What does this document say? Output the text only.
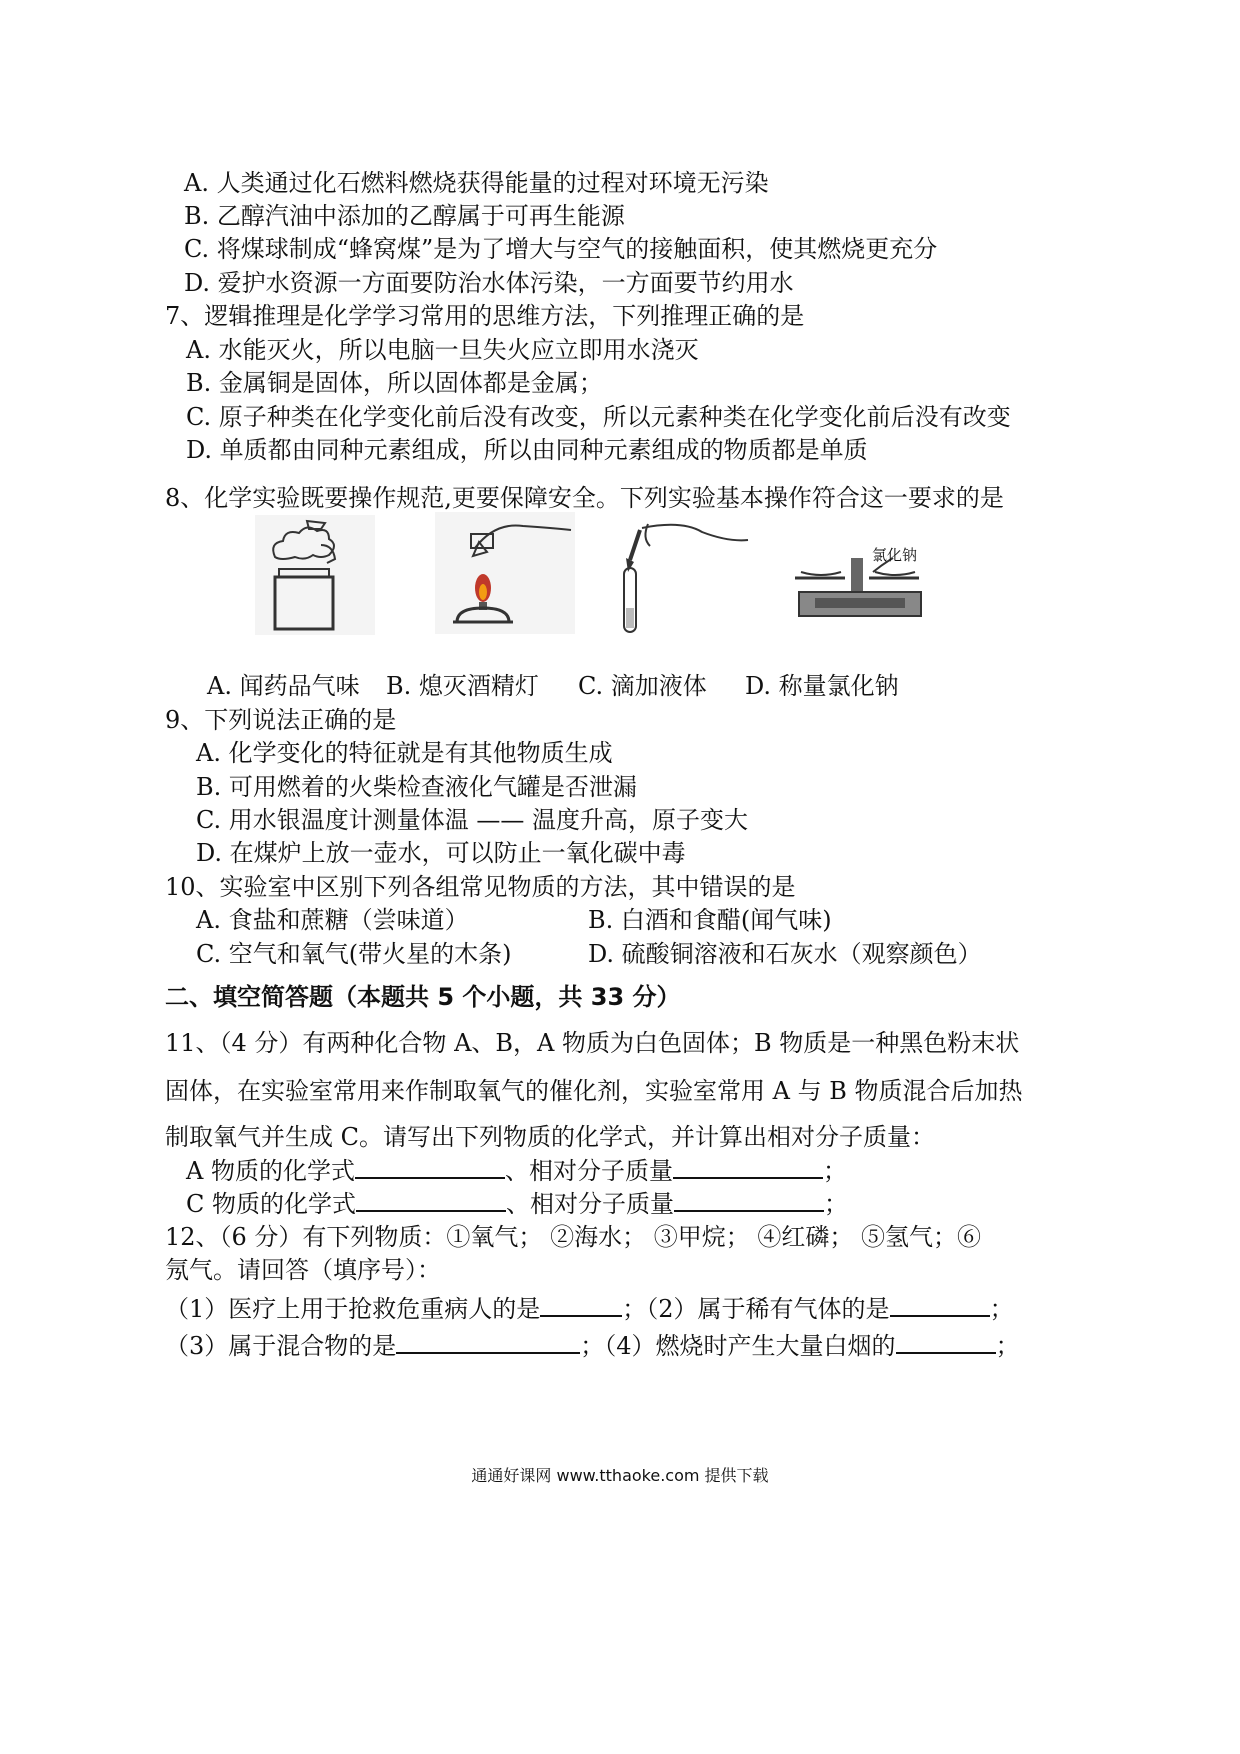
A. 人类通过化石燃料燃烧获得能量的过程对环境无污染
B. 乙醇汽油中添加的乙醇属于可再生能源
C. 将煤球制成“蜂窝煤”是为了增大与空气的接触面积，使其燃烧更充分
D. 爱护水资源一方面要防治水体污染，一方面要节约用水
7、逻辑推理是化学学习常用的思维方法，下列推理正确的是
A. 水能灭火，所以电脑一旦失火应立即用水浇灭
B. 金属铜是固体，所以固体都是金属；
C. 原子种类在化学变化前后没有改变，所以元素种类在化学变化前后没有改变
D. 单质都由同种元素组成，所以由同种元素组成的物质都是单质
8、化学实验既要操作规范,更要保障安全。下列实验基本操作符合这一要求的是
氯化钠
A. 闻药品气味 B. 熄灭酒精灯 C. 滴加液体 D. 称量氯化钠
9、下列说法正确的是
A. 化学变化的特征就是有其他物质生成
B. 可用燃着的火柴检查液化气罐是否泄漏
C. 用水银温度计测量体温 —— 温度升高，原子变大
D. 在煤炉上放一壶水，可以防止一氧化碳中毒
10、实验室中区别下列各组常见物质的方法，其中错误的是
A. 食盐和蔗糖（尝味道）	B. 白酒和食醋(闻气味)
C. 空气和氧气(带火星的木条)	D. 硫酸铜溶液和石灰水（观察颜色）
二、填空简答题（本题共 5 个小题，共 33 分）
11、（4 分）有两种化合物 A、B，A 物质为白色固体；B 物质是一种黑色粉末状
固体，在实验室常用来作制取氧气的催化剂，实验室常用 A 与 B 物质混合后加热
制取氧气并生成 C。请写出下列物质的化学式，并计算出相对分子质量：
A 物质的化学式	、相对分子质量	；
C 物质的化学式	、相对分子质量	；
12、（6 分）有下列物质：①氧气； ②海水； ③甲烷； ④红磷； ⑤氢气；⑥
氖气。请回答（填序号）：
（1）医疗上用于抢救危重病人的是	；（2）属于稀有气体的是	；
（3）属于混合物的是	；（4）燃烧时产生大量白烟的	；
通通好课网 www.tthaoke.com 提供下载
